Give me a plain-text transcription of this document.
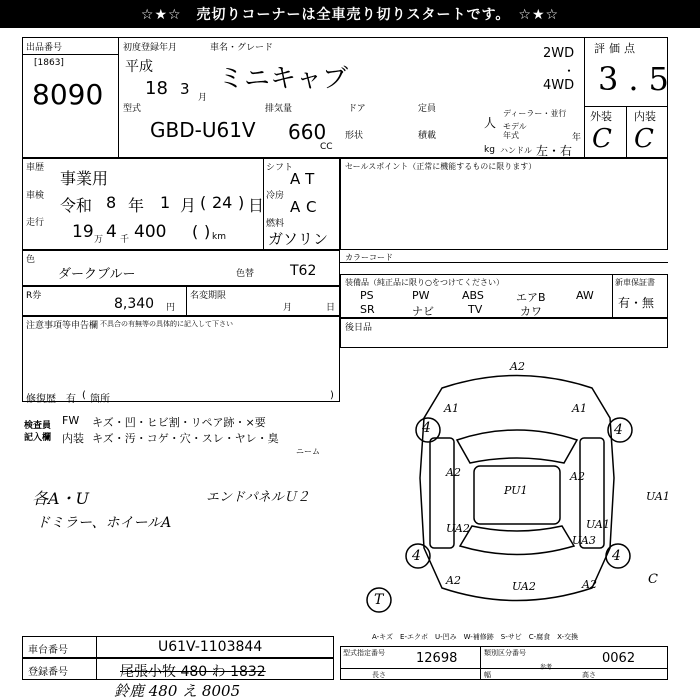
☆★☆　売切りコーナーは全車売り切りスタートです。　☆★☆
出品番号
[1863]
8090
初度登録年月	車名・グレード
平成
18 3 月
ミニキャブ
2WD
・
4WD
型式
GBD-U61V
排気量
660
CC
ドア
形状
定員
積載
人
kg
ディーラー・並行
モデル年式	年
ハンドル 左・右
評価点
3.5
外装 内装
C C
車歴
事業用
車検 令和 8 年 1 月 ( 24 ) 日
走行 19 万 4 千 400 ( ) km
シフト
AT
冷房
AC
燃料
ガソリン
セールスポイント（正常に機能するものに限ります）
色
ダークブルー	色替	T62
カラーコード
R券	8,340 円
名変期限
月	日
装備品（純正品に限り○をつけてください）	新車保証書
有・無
PS	PW	ABS	エアB	AW
SR	ナビ	TV	カワ
注意事項等申告欄 不具合の有無等の具体的に記入して下さい
修復歴 有 ( 箇所	)
後日品
検査員
記入欄
FW キズ・凹・ヒビ割・リペア跡・×要
内装 キズ・汚・コゲ・穴・スレ・ヤレ・臭
ニーム
各A・U
ドミラー、ホイールA
エンドパネルＵ２
A2
A1	A1
A2	A2
UA1
UA2	UA1
UA3
UA2
A2	A2
PU1
4	4
4	4
C
T
A-キズ　E-エクボ　U-凹み　W-補修跡　S-サビ　C-腐食　X-交換
車台番号	U61V-1103844
登録番号	尾張小牧 480 わ 1832
鈴鹿 480 え 8005
型式指定番号 12698	類別区分番号	0062
参考
長さ	幅	高さ
